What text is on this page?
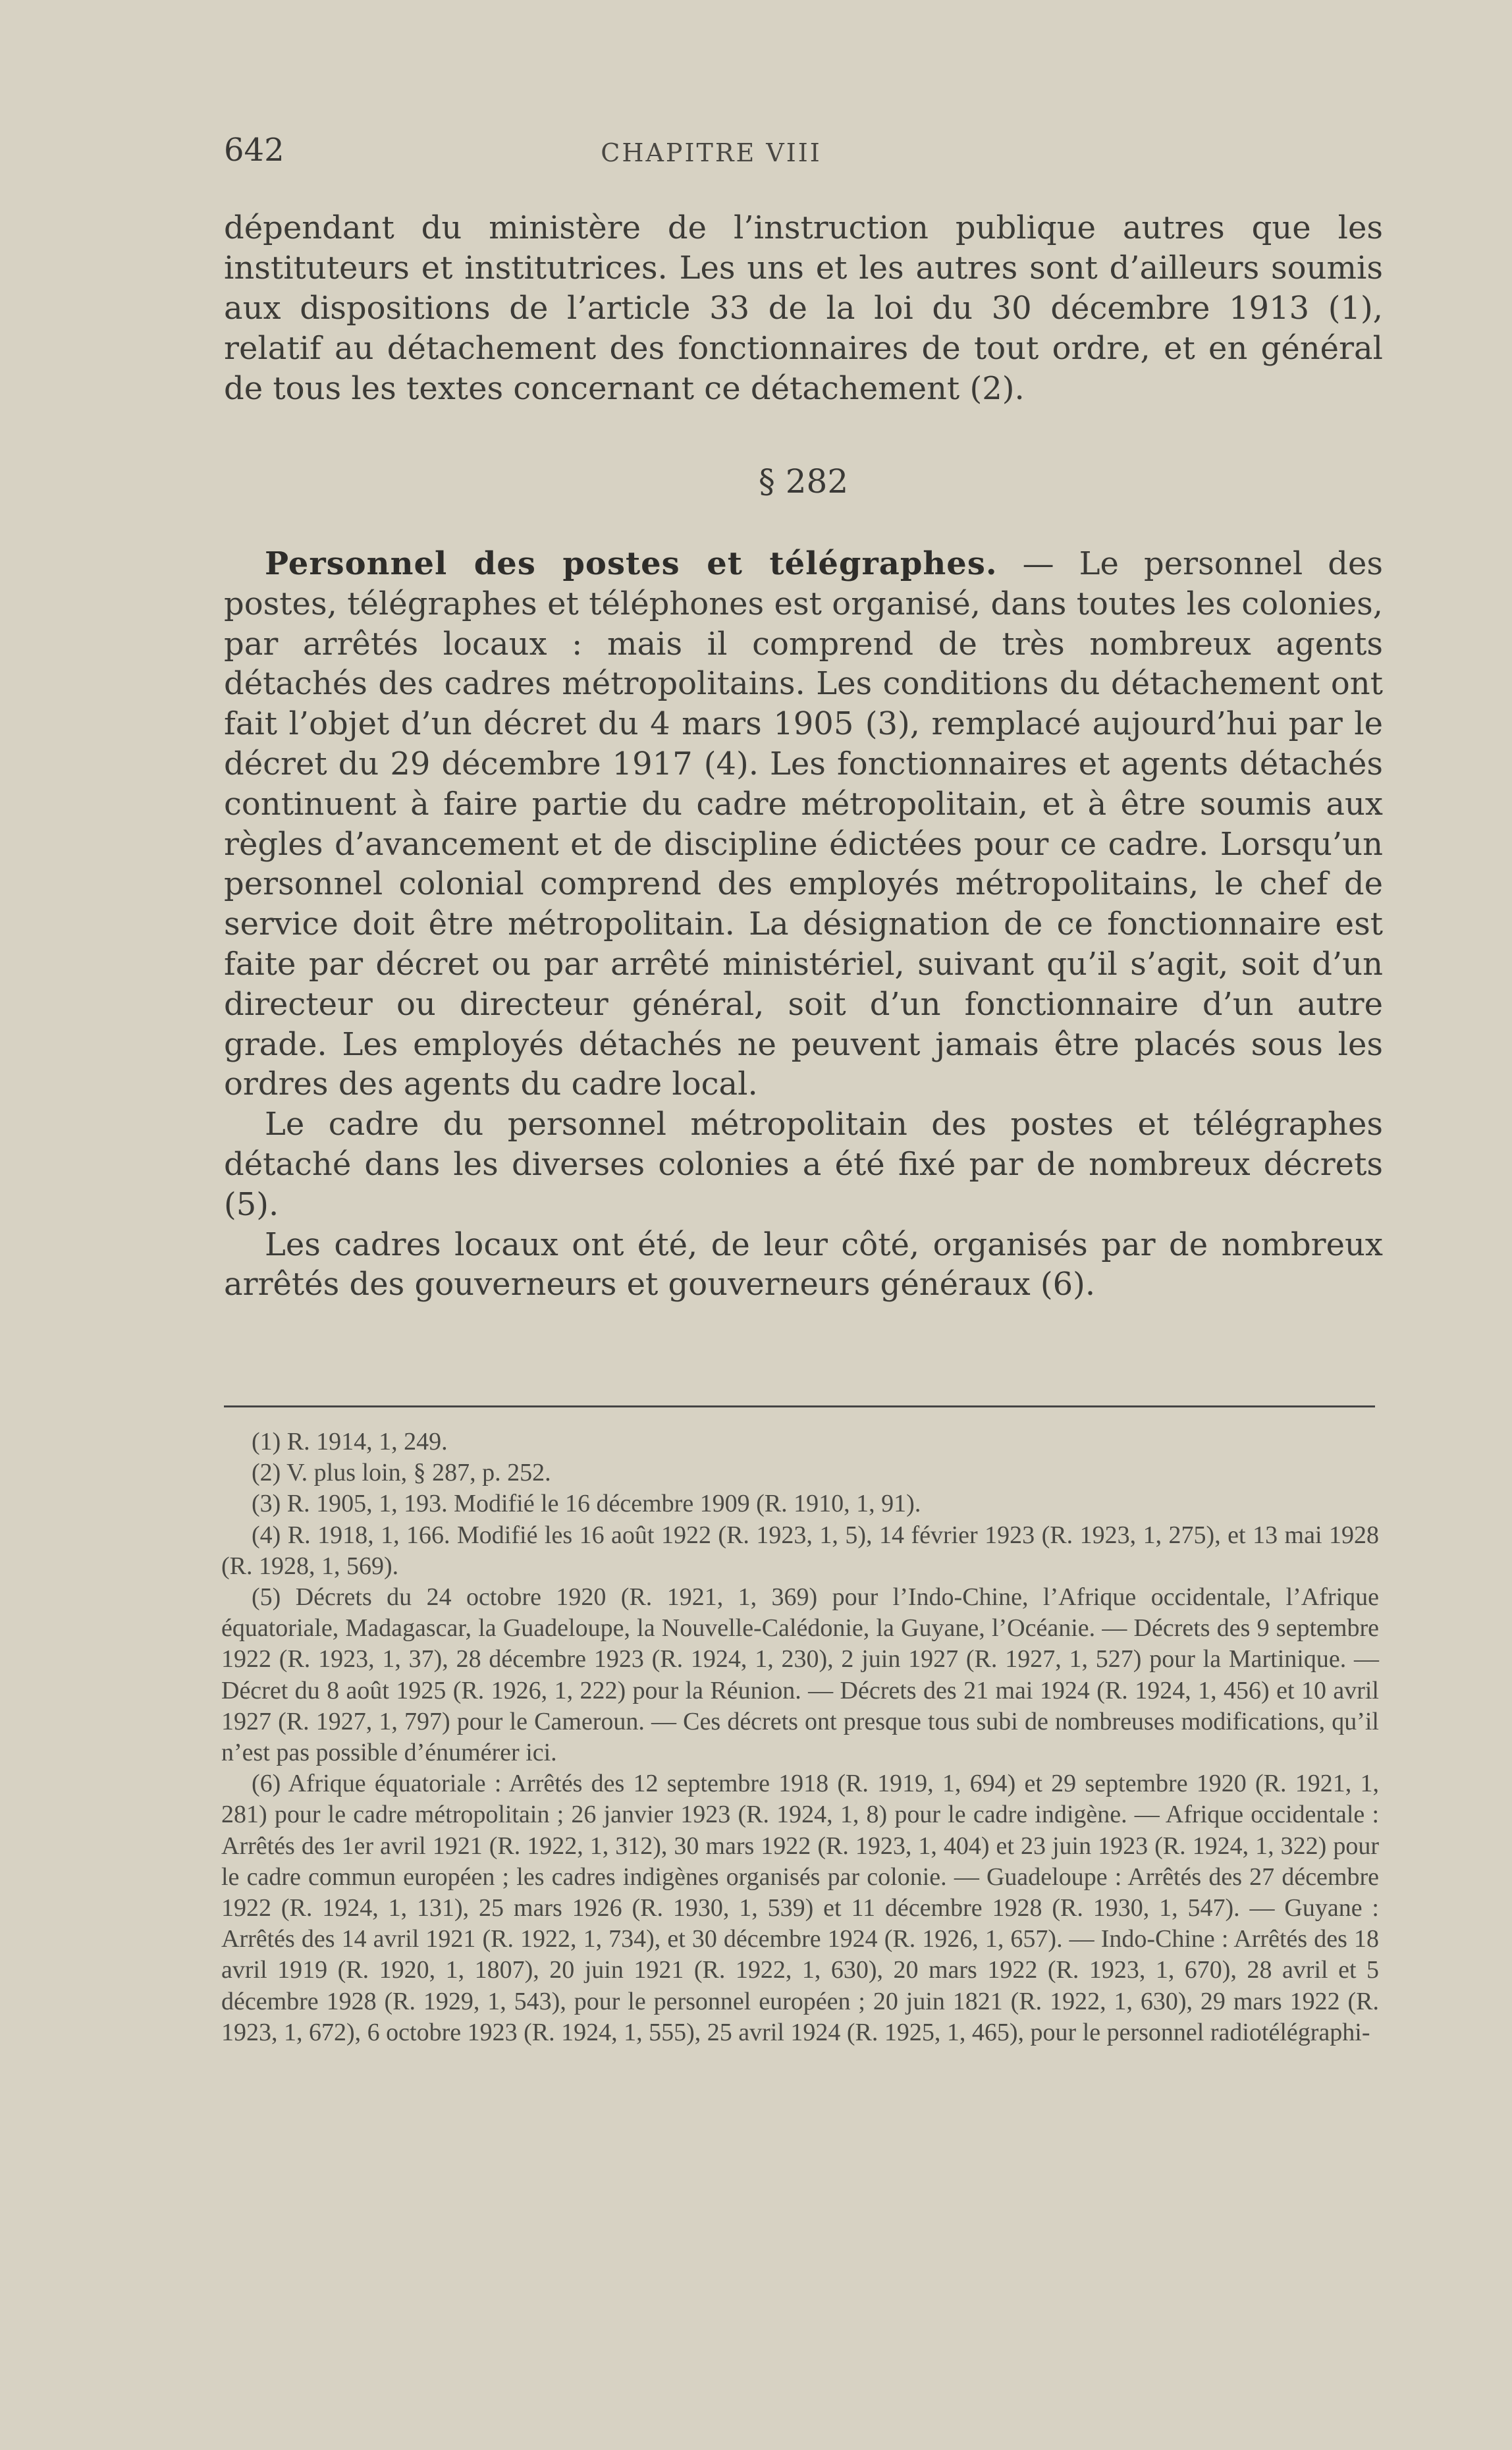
642	CHAPITRE VIII

dépendant du ministère de l’instruction publique autres que les instituteurs et institutrices. Les uns et les autres sont d’ailleurs soumis aux dispositions de l’article 33 de la loi du 30 décembre 1913 (1), relatif au détachement des fonctionnaires de tout ordre, et en général de tous les textes concernant ce détachement (2).

§ 282

Personnel des postes et télégraphes. — Le personnel des postes, télégraphes et téléphones est organisé, dans toutes les colonies, par arrêtés locaux : mais il comprend de très nombreux agents détachés des cadres métropolitains. Les conditions du détachement ont fait l’objet d’un décret du 4 mars 1905 (3), remplacé aujourd’hui par le décret du 29 décembre 1917 (4). Les fonctionnaires et agents détachés continuent à faire partie du cadre métropolitain, et à être soumis aux règles d’avancement et de discipline édictées pour ce cadre. Lorsqu’un personnel colonial comprend des employés métropolitains, le chef de service doit être métropolitain. La désignation de ce fonctionnaire est faite par décret ou par arrêté ministériel, suivant qu’il s’agit, soit d’un directeur ou directeur général, soit d’un fonctionnaire d’un autre grade. Les employés détachés ne peuvent jamais être placés sous les ordres des agents du cadre local.

Le cadre du personnel métropolitain des postes et télégraphes détaché dans les diverses colonies a été fixé par de nombreux décrets (5).

Les cadres locaux ont été, de leur côté, organisés par de nombreux arrêtés des gouverneurs et gouverneurs généraux (6).

(1) R. 1914, 1, 249.

(2) V. plus loin, § 287, p. 252.

(3) R. 1905, 1, 193. Modifié le 16 décembre 1909 (R. 1910, 1, 91).

(4) R. 1918, 1, 166. Modifié les 16 août 1922 (R. 1923, 1, 5), 14 février 1923 (R. 1923, 1, 275), et 13 mai 1928 (R. 1928, 1, 569).

(5) Décrets du 24 octobre 1920 (R. 1921, 1, 369) pour l’Indo-Chine, l’Afrique occidentale, l’Afrique équatoriale, Madagascar, la Guadeloupe, la Nouvelle-Calédonie, la Guyane, l’Océanie. — Décrets des 9 septembre 1922 (R. 1923, 1, 37), 28 décembre 1923 (R. 1924, 1, 230), 2 juin 1927 (R. 1927, 1, 527) pour la Martinique. — Décret du 8 août 1925 (R. 1926, 1, 222) pour la Réunion. — Décrets des 21 mai 1924 (R. 1924, 1, 456) et 10 avril 1927 (R. 1927, 1, 797) pour le Cameroun. — Ces décrets ont presque tous subi de nombreuses modifications, qu’il n’est pas possible d’énumérer ici.

(6) Afrique équatoriale : Arrêtés des 12 septembre 1918 (R. 1919, 1, 694) et 29 septembre 1920 (R. 1921, 1, 281) pour le cadre métropolitain ; 26 janvier 1923 (R. 1924, 1, 8) pour le cadre indigène. — Afrique occidentale : Arrêtés des 1er avril 1921 (R. 1922, 1, 312), 30 mars 1922 (R. 1923, 1, 404) et 23 juin 1923 (R. 1924, 1, 322) pour le cadre commun européen ; les cadres indigènes organisés par colonie. — Guadeloupe : Arrêtés des 27 décembre 1922 (R. 1924, 1, 131), 25 mars 1926 (R. 1930, 1, 539) et 11 décembre 1928 (R. 1930, 1, 547). — Guyane : Arrêtés des 14 avril 1921 (R. 1922, 1, 734), et 30 décembre 1924 (R. 1926, 1, 657). — Indo-Chine : Arrêtés des 18 avril 1919 (R. 1920, 1, 1807), 20 juin 1921 (R. 1922, 1, 630), 20 mars 1922 (R. 1923, 1, 670), 28 avril et 5 décembre 1928 (R. 1929, 1, 543), pour le personnel européen ; 20 juin 1821 (R. 1922, 1, 630), 29 mars 1922 (R. 1923, 1, 672), 6 octobre 1923 (R. 1924, 1, 555), 25 avril 1924 (R. 1925, 1, 465), pour le personnel radiotélégraphi-
